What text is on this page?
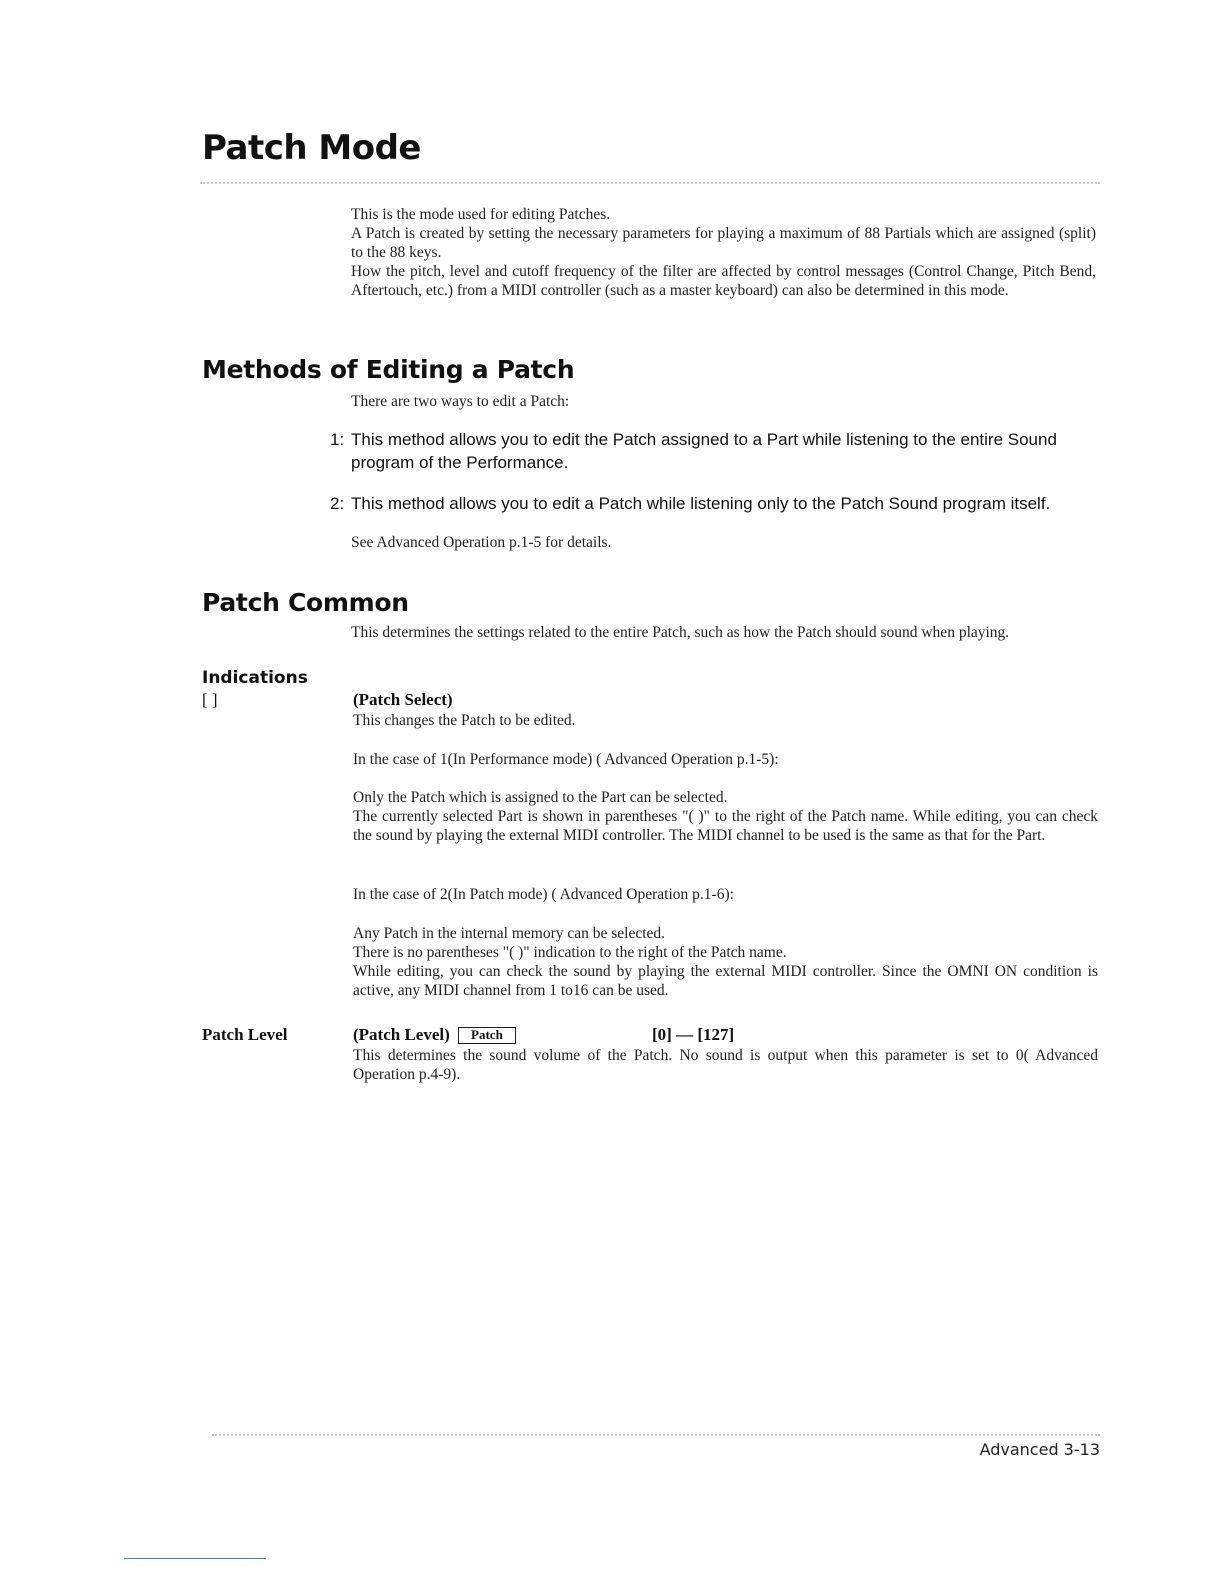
Patch Mode

This is the mode used for editing Patches.

A Patch is created by setting the necessary parameters for playing a maximum of 88 Partials which are assigned (split) to the 88 keys.

How the pitch, level and cutoff frequency of the filter are affected by control messages (Control Change, Pitch Bend, Aftertouch, etc.) from a MIDI controller (such as a master keyboard) can also be determined in this mode.

Methods of Editing a Patch
There are two ways to edit a Patch:
1: This method allows you to edit the Patch assigned to a Part while listening to the entire Sound program of the Performance.
2: This method allows you to edit a Patch while listening only to the Patch Sound program itself.
See Advanced Operation p.1-5 for details.
Patch Common
This determines the settings related to the entire Patch, such as how the Patch should sound when playing.
Indications
[ ]	(Patch Select)
This changes the Patch to be edited.
In the case of 1(In Performance mode) ( Advanced Operation p.1-5):

Only the Patch which is assigned to the Part can be selected.

The currently selected Part is shown in parentheses "( )" to the right of the Patch name. While editing, you can check the sound by playing the external MIDI controller. The MIDI channel to be used is the same as that for the Part.

In the case of 2(In Patch mode) ( Advanced Operation p.1-6):

Any Patch in the internal memory can be selected.

There is no parentheses "( )" indication to the right of the Patch name.

While editing, you can check the sound by playing the external MIDI controller. Since the OMNI ON condition is active, any MIDI channel from 1 to16 can be used.

Patch Level	(Patch Level) Patch	[0] — [127]
This determines the sound volume of the Patch. No sound is output when this parameter is set to 0( Advanced Operation p.4-9).
Advanced 3-13
